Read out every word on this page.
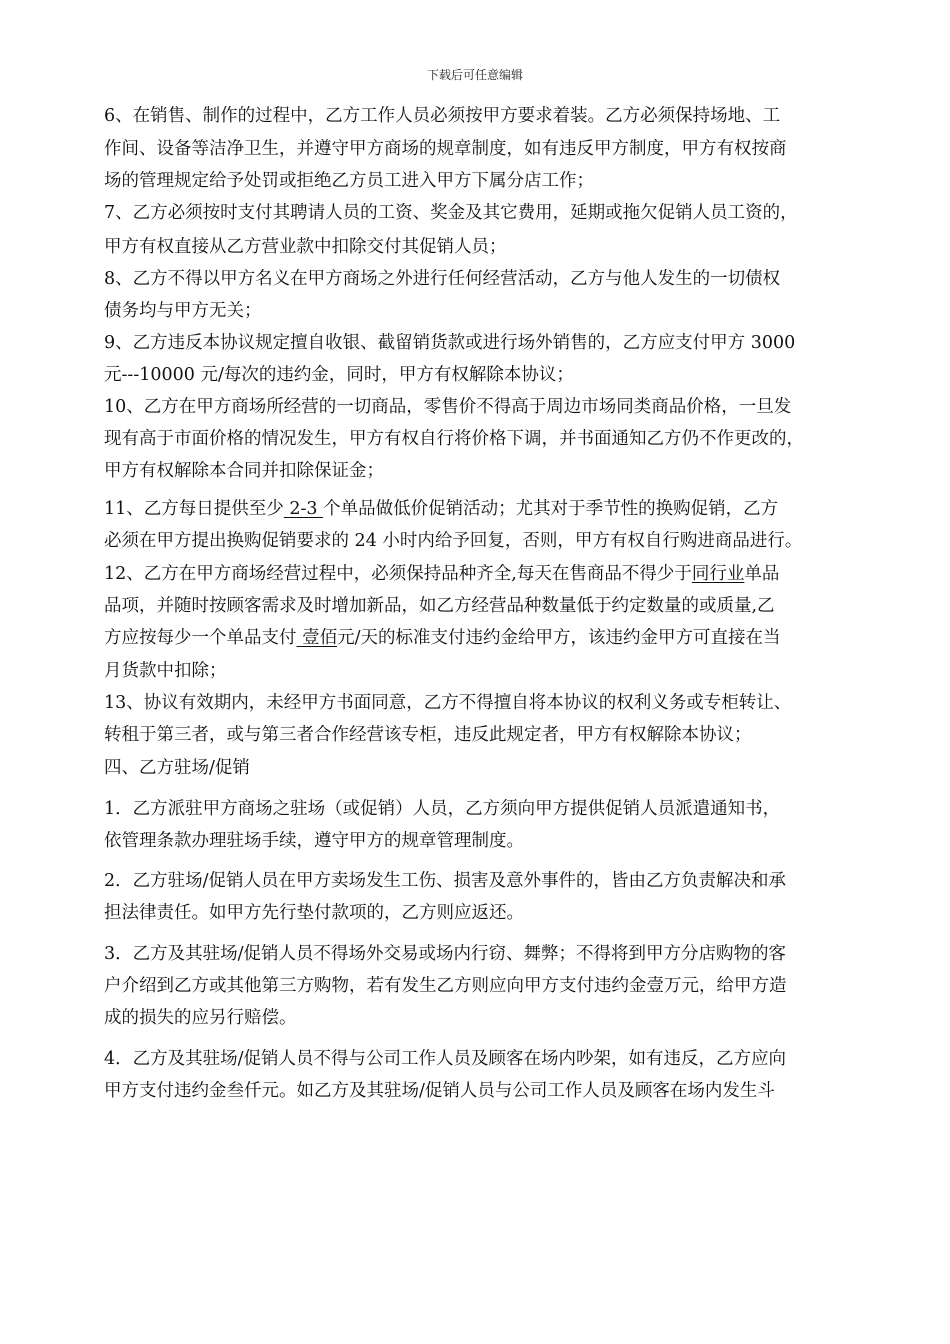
下载后可任意编辑
6、在销售、制作的过程中，乙方工作人员必须按甲方要求着装。乙方必须保持场地、工
作间、设备等洁净卫生，并遵守甲方商场的规章制度，如有违反甲方制度，甲方有权按商
场的管理规定给予处罚或拒绝乙方员工进入甲方下属分店工作；
7、乙方必须按时支付其聘请人员的工资、奖金及其它费用，延期或拖欠促销人员工资的，
甲方有权直接从乙方营业款中扣除交付其促销人员；
8、乙方不得以甲方名义在甲方商场之外进行任何经营活动，乙方与他人发生的一切债权
债务均与甲方无关；
9、乙方违反本协议规定擅自收银、截留销货款或进行场外销售的，乙方应支付甲方 3000
元---10000 元/每次的违约金，同时，甲方有权解除本协议；
10、乙方在甲方商场所经营的一切商品，零售价不得高于周边市场同类商品价格，一旦发
现有高于市面价格的情况发生，甲方有权自行将价格下调，并书面通知乙方仍不作更改的，
甲方有权解除本合同并扣除保证金；
11、乙方每日提供至少 2-3 个单品做低价促销活动；尤其对于季节性的换购促销，乙方
必须在甲方提出换购促销要求的 24 小时内给予回复，否则，甲方有权自行购进商品进行。
12、乙方在甲方商场经营过程中，必须保持品种齐全,每天在售商品不得少于同行业单品
品项，并随时按顾客需求及时增加新品，如乙方经营品种数量低于约定数量的或质量,乙
方应按每少一个单品支付 壹佰元/天的标准支付违约金给甲方，该违约金甲方可直接在当
月货款中扣除；
13、协议有效期内，未经甲方书面同意，乙方不得擅自将本协议的权利义务或专柜转让、
转租于第三者，或与第三者合作经营该专柜，违反此规定者，甲方有权解除本协议；
四、乙方驻场/促销
1．乙方派驻甲方商场之驻场（或促销）人员，乙方须向甲方提供促销人员派遣通知书，
依管理条款办理驻场手续，遵守甲方的规章管理制度。
2．乙方驻场/促销人员在甲方卖场发生工伤、损害及意外事件的，皆由乙方负责解决和承
担法律责任。如甲方先行垫付款项的，乙方则应返还。
3．乙方及其驻场/促销人员不得场外交易或场内行窃、舞弊；不得将到甲方分店购物的客
户介绍到乙方或其他第三方购物，若有发生乙方则应向甲方支付违约金壹万元，给甲方造
成的损失的应另行赔偿。
4．乙方及其驻场/促销人员不得与公司工作人员及顾客在场内吵架，如有违反，乙方应向
甲方支付违约金叁仟元。如乙方及其驻场/促销人员与公司工作人员及顾客在场内发生斗
